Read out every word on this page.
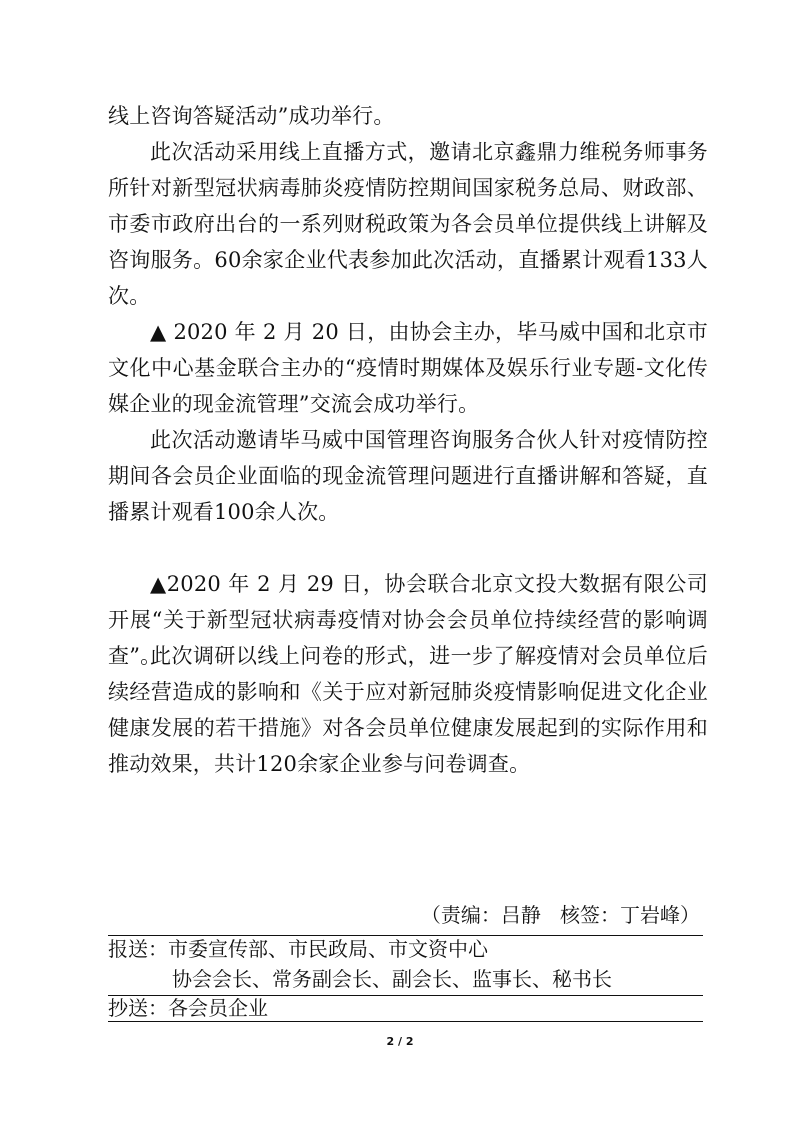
线上咨询答疑活动”成功举行。

此次活动采用线上直播方式，邀请北京鑫鼎力维税务师事务所针对新型冠状病毒肺炎疫情防控期间国家税务总局、财政部、市委市政府出台的一系列财税政策为各会员单位提供线上讲解及咨询服务。60余家企业代表参加此次活动，直播累计观看133人次。

▲ 2020 年 2 月 20 日，由协会主办，毕马威中国和北京市文化中心基金联合主办的“疫情时期媒体及娱乐行业专题-文化传媒企业的现金流管理”交流会成功举行。

此次活动邀请毕马威中国管理咨询服务合伙人针对疫情防控期间各会员企业面临的现金流管理问题进行直播讲解和答疑，直播累计观看100余人次。

▲2020 年 2 月 29 日，协会联合北京文投大数据有限公司开展“关于新型冠状病毒疫情对协会会员单位持续经营的影响调查”。

此次调研以线上问卷的形式，进一步了解疫情对会员单位后续经营造成的影响和《关于应对新冠肺炎疫情影响促进文化企业健康发展的若干措施》对各会员单位健康发展起到的实际作用和推动效果，共计120余家企业参与问卷调查。

（责编：吕静   核签：丁岩峰）
报送：市委宣传部、市民政局、市文资中心
协会会长、常务副会长、副会长、监事长、秘书长
抄送：各会员企业
2 / 2
